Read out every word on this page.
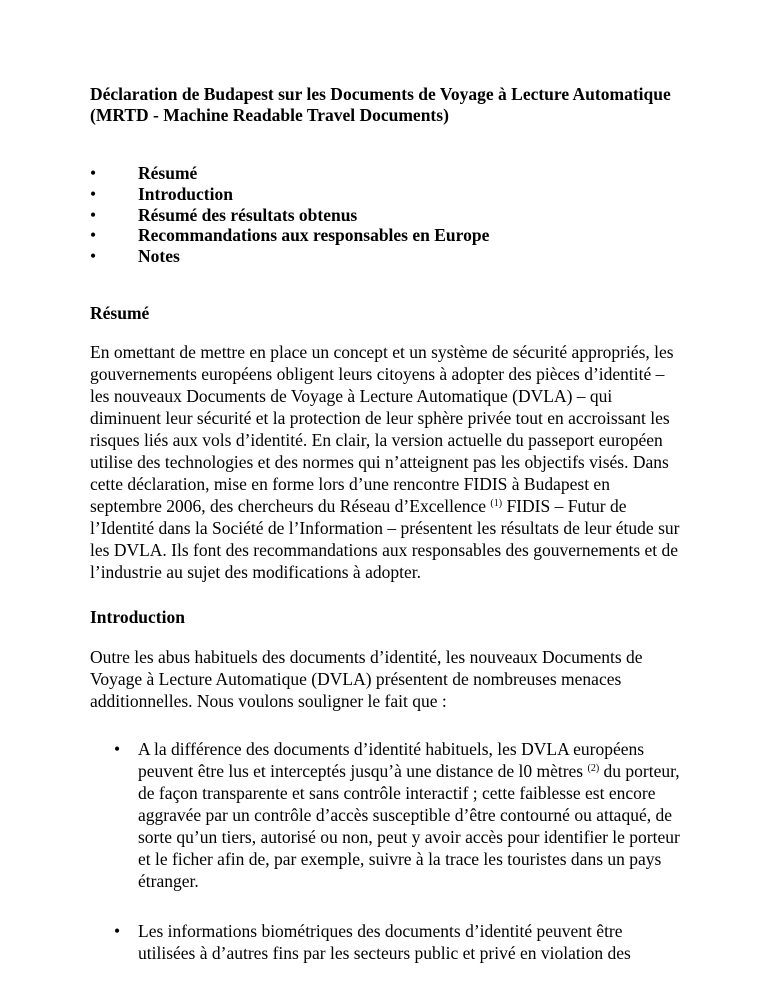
Déclaration de Budapest sur les Documents de Voyage à Lecture Automatique (MRTD - Machine Readable Travel Documents)
•	Résumé
•	Introduction
•	Résumé des résultats obtenus
•	Recommandations aux responsables en Europe
•	Notes
Résumé

En omettant de mettre en place un concept et un système de sécurité appropriés, les gouvernements européens obligent leurs citoyens à adopter des pièces d’identité – les nouveaux Documents de Voyage à Lecture Automatique (DVLA) – qui diminuent leur sécurité et la protection de leur sphère privée tout en accroissant les risques liés aux vols d’identité. En clair, la version actuelle du passeport européen utilise des technologies et des normes qui n’atteignent pas les objectifs visés. Dans cette déclaration, mise en forme lors d’une rencontre FIDIS à Budapest en septembre 2006, des chercheurs du Réseau d’Excellence $^{(1)}$ FIDIS – Futur de l’Identité dans la Société de l’Information – présentent les résultats de leur étude sur les DVLA. Ils font des recommandations aux responsables des gouvernements et de l’industrie au sujet des modifications à adopter.

Introduction

Outre les abus habituels des documents d’identité, les nouveaux Documents de Voyage à Lecture Automatique (DVLA) présentent de nombreuses menaces additionnelles. Nous voulons souligner le fait que :

•	A la différence des documents d’identité habituels, les DVLA européens peuvent être lus et interceptés jusqu’à une distance de l0 mètres $^{(2)}$ du porteur, de façon transparente et sans contrôle interactif ; cette faiblesse est encore aggravée par un contrôle d’accès susceptible d’être contourné ou attaqué, de sorte qu’un tiers, autorisé ou non, peut y avoir accès pour identifier le porteur et le ficher afin de, par exemple, suivre à la trace les touristes dans un pays étranger.
•	Les informations biométriques des documents d’identité peuvent être utilisées à d’autres fins par les secteurs public et privé en violation des
